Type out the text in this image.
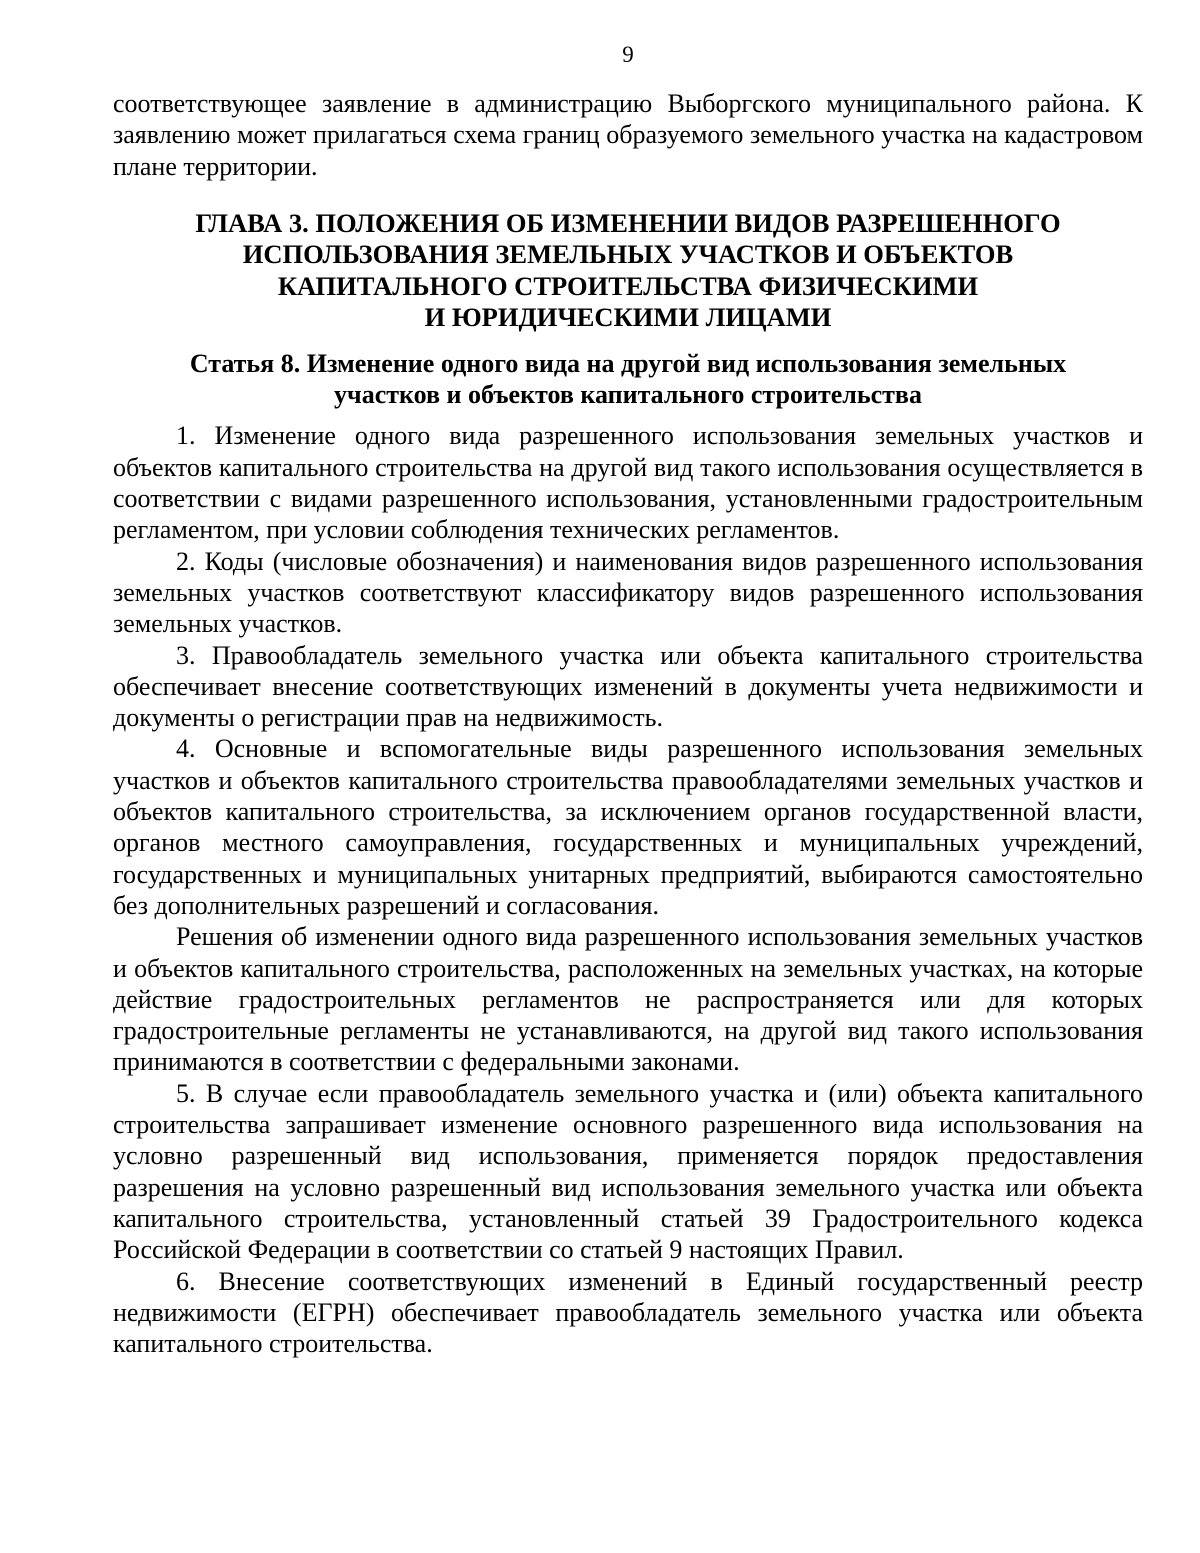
9

соответствующее заявление в администрацию Выборгского муниципального района. К заявлению может прилагаться схема границ образуемого земельного участка на кадастровом плане территории.

ГЛАВА 3. ПОЛОЖЕНИЯ ОБ ИЗМЕНЕНИИ ВИДОВ РАЗРЕШЕННОГО
ИСПОЛЬЗОВАНИЯ ЗЕМЕЛЬНЫХ УЧАСТКОВ И ОБЪЕКТОВ
КАПИТАЛЬНОГО СТРОИТЕЛЬСТВА ФИЗИЧЕСКИМИ
И ЮРИДИЧЕСКИМИ ЛИЦАМИ
Статья 8. Изменение одного вида на другой вид использования земельных
участков и объектов капитального строительства

1. Изменение одного вида разрешенного использования земельных участков и объектов капитального строительства на другой вид такого использования осуществляется в соответствии с видами разрешенного использования, установленными градостроительным регламентом, при условии соблюдения технических регламентов.

2. Коды (числовые обозначения) и наименования видов разрешенного использования земельных участков соответствуют классификатору видов разрешенного использования земельных участков.

3. Правообладатель земельного участка или объекта капитального строительства обеспечивает внесение соответствующих изменений в документы учета недвижимости и документы о регистрации прав на недвижимость.

4. Основные и вспомогательные виды разрешенного использования земельных участков и объектов капитального строительства правообладателями земельных участков и объектов капитального строительства, за исключением органов государственной власти, органов местного самоуправления, государственных и муниципальных учреждений, государственных и муниципальных унитарных предприятий, выбираются самостоятельно без дополнительных разрешений и согласования.

Решения об изменении одного вида разрешенного использования земельных участков и объектов капитального строительства, расположенных на земельных участках, на которые действие градостроительных регламентов не распространяется или для которых градостроительные регламенты не устанавливаются, на другой вид такого использования принимаются в соответствии с федеральными законами.

5. В случае если правообладатель земельного участка и (или) объекта капитального строительства запрашивает изменение основного разрешенного вида использования на условно разрешенный вид использования, применяется порядок предоставления разрешения на условно разрешенный вид использования земельного участка или объекта капитального строительства, установленный статьей 39 Градостроительного кодекса Российской Федерации в соответствии со статьей 9 настоящих Правил.

6. Внесение соответствующих изменений в Единый государственный реестр недвижимости (ЕГРН) обеспечивает правообладатель земельного участка или объекта капитального строительства.
